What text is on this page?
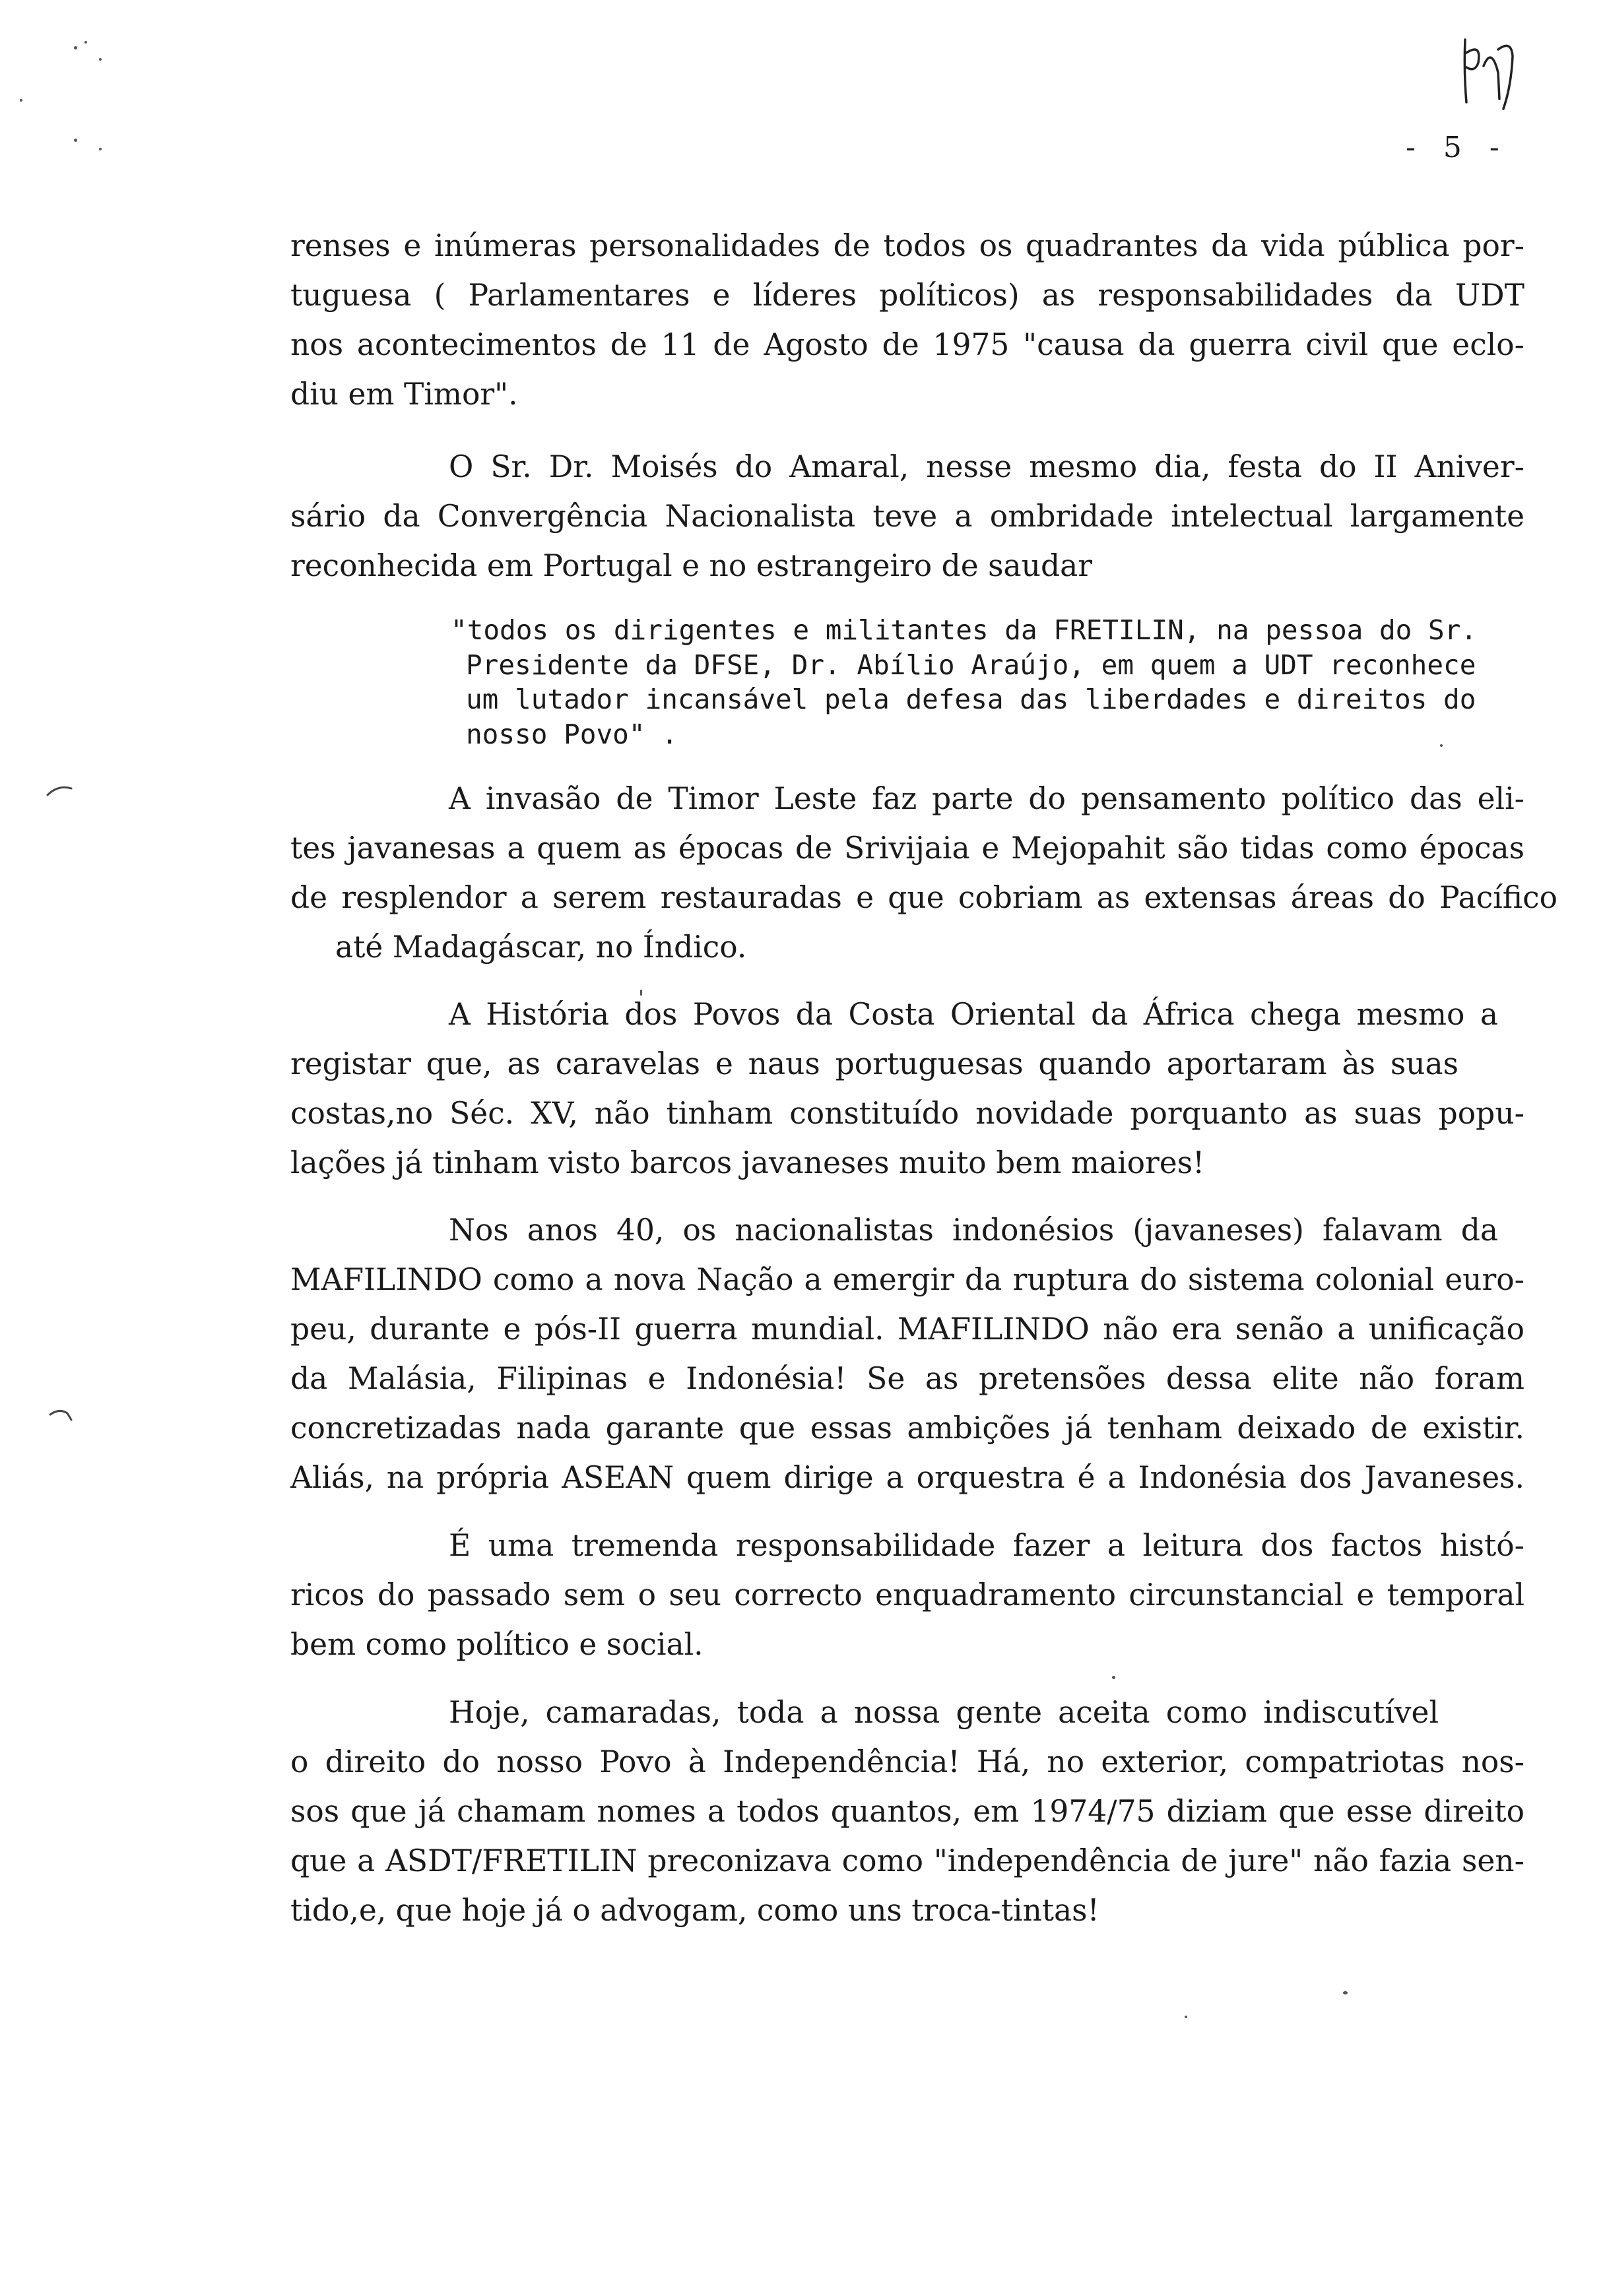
- 5 -
renses e inúmeras personalidades de todos os quadrantes da vida pública por-
tuguesa ( Parlamentares e líderes políticos) as responsabilidades da UDT
nos acontecimentos de 11 de Agosto de 1975 "causa da guerra civil que eclo-
diu em Timor".
O Sr. Dr. Moisés do Amaral, nesse mesmo dia, festa do II Aniver-
sário da Convergência Nacionalista teve a ombridade intelectual largamente
reconhecida em Portugal e no estrangeiro de saudar
"todos os dirigentes e militantes da FRETILIN, na pessoa do Sr.
Presidente da DFSE, Dr. Abílio Araújo, em quem a UDT reconhece
um lutador incansável pela defesa das liberdades e direitos do
nosso Povo" .
A invasão de Timor Leste faz parte do pensamento político das eli-
tes javanesas a quem as épocas de Srivijaia e Mejopahit são tidas como épocas
de resplendor a serem restauradas e que cobriam as extensas áreas do Pacífico
até Madagáscar, no Índico.
A História dos Povos da Costa Oriental da África chega mesmo a
registar que, as caravelas e naus portuguesas quando aportaram às suas
costas,no Séc. XV, não tinham constituído novidade porquanto as suas popu-
lações já tinham visto barcos javaneses muito bem maiores!
Nos anos 40, os nacionalistas indonésios (javaneses) falavam da
MAFILINDO como a nova Nação a emergir da ruptura do sistema colonial euro-
peu, durante e pós-II guerra mundial. MAFILINDO não era senão a unificação
da Malásia, Filipinas e Indonésia! Se as pretensões dessa elite não foram
concretizadas nada garante que essas ambições já tenham deixado de existir.
Aliás, na própria ASEAN quem dirige a orquestra é a Indonésia dos Javaneses.
É uma tremenda responsabilidade fazer a leitura dos factos histó-
ricos do passado sem o seu correcto enquadramento circunstancial e temporal
bem como político e social.
Hoje, camaradas, toda a nossa gente aceita como indiscutível
o direito do nosso Povo à Independência! Há, no exterior, compatriotas nos-
sos que já chamam nomes a todos quantos, em 1974/75 diziam que esse direito
que a ASDT/FRETILIN preconizava como "independência de jure" não fazia sen-
tido,e, que hoje já o advogam, como uns troca-tintas!
